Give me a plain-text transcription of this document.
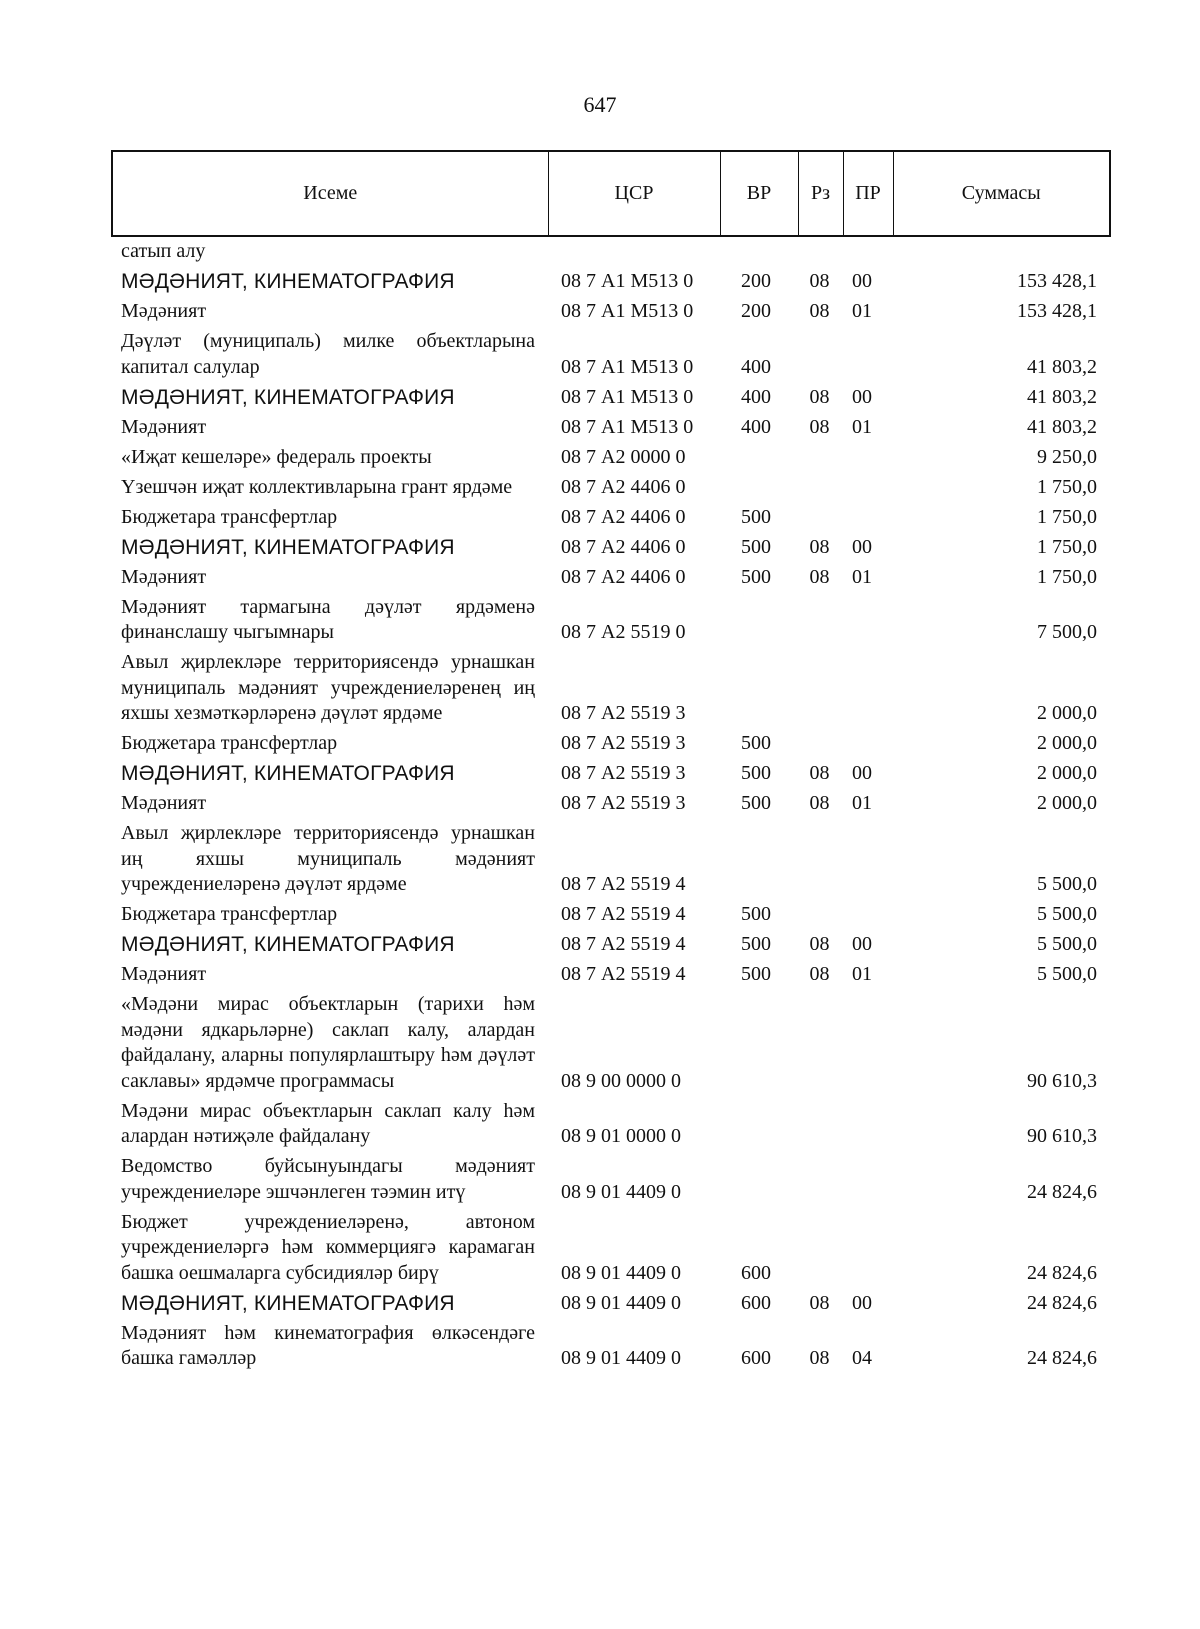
647
Исеме	ЦСР	ВР	Рз	ПР	Суммасы
сатып алу					
МӘДӘНИЯТ, КИНЕМАТОГРАФИЯ	08 7 А1 М513 0	200	08	00	153 428,1
Мәдәният	08 7 А1 М513 0	200	08	01	153 428,1
Дәүләт (муниципаль) милке объектларына капитал салулар	08 7 А1 М513 0	400			41 803,2
МӘДӘНИЯТ, КИНЕМАТОГРАФИЯ	08 7 А1 М513 0	400	08	00	41 803,2
Мәдәният	08 7 А1 М513 0	400	08	01	41 803,2
«Иҗат кешеләре» федераль проекты	08 7 А2 0000 0				9 250,0
Үзешчән иҗат коллективларына грант ярдәме	08 7 А2 4406 0				1 750,0
Бюджетара трансфертлар	08 7 А2 4406 0	500			1 750,0
МӘДӘНИЯТ, КИНЕМАТОГРАФИЯ	08 7 А2 4406 0	500	08	00	1 750,0
Мәдәният	08 7 А2 4406 0	500	08	01	1 750,0
Мәдәният тармагына дәүләт ярдәменә финанслашу чыгымнары	08 7 А2 5519 0				7 500,0
Авыл җирлекләре территориясендә урнашкан муниципаль мәдәният учреждениеләренең иң яхшы хезмәткәрләренә дәүләт ярдәме	08 7 А2 5519 3				2 000,0
Бюджетара трансфертлар	08 7 А2 5519 3	500			2 000,0
МӘДӘНИЯТ, КИНЕМАТОГРАФИЯ	08 7 А2 5519 3	500	08	00	2 000,0
Мәдәният	08 7 А2 5519 3	500	08	01	2 000,0
Авыл җирлекләре территориясендә урнашкан иң яхшы муниципаль мәдәният учреждениеләренә дәүләт ярдәме	08 7 А2 5519 4				5 500,0
Бюджетара трансфертлар	08 7 А2 5519 4	500			5 500,0
МӘДӘНИЯТ, КИНЕМАТОГРАФИЯ	08 7 А2 5519 4	500	08	00	5 500,0
Мәдәният	08 7 А2 5519 4	500	08	01	5 500,0
«Мәдәни мирас объектларын (тарихи һәм мәдәни ядкарьләрне) саклап калу, алардан файдалану, аларны популярлаштыру һәм дәүләт саклавы» ярдәмче программасы	08 9 00 0000 0				90 610,3
Мәдәни мирас объектларын саклап калу һәм алардан нәтиҗәле файдалану	08 9 01 0000 0				90 610,3
Ведомство буйсынуындагы мәдәният учреждениеләре эшчәнлеген тәэмин итү	08 9 01 4409 0				24 824,6
Бюджет учреждениеләренә, автоном учреждениеләргә һәм коммерциягә карамаган башка оешмаларга субсидияләр бирү	08 9 01 4409 0	600			24 824,6
МӘДӘНИЯТ, КИНЕМАТОГРАФИЯ	08 9 01 4409 0	600	08	00	24 824,6
Мәдәният һәм кинематография өлкәсендәге башка гамәлләр	08 9 01 4409 0	600	08	04	24 824,6
